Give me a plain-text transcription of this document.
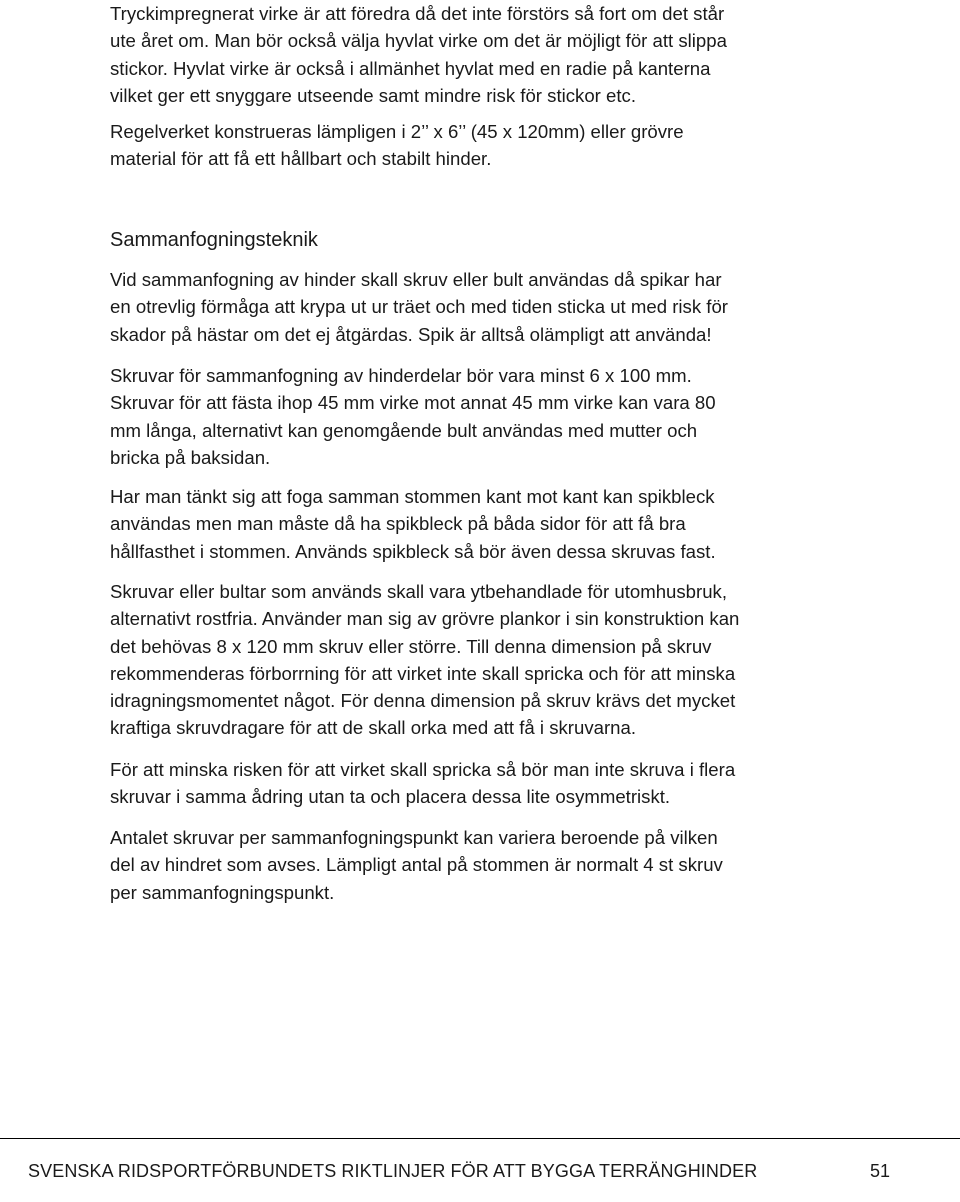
Tryckimpregnerat virke är att föredra då det inte förstörs så fort om det står
ute året om. Man bör också välja hyvlat virke om det är möjligt för att slippa
stickor. Hyvlat virke är också i allmänhet hyvlat med en radie på kanterna
vilket ger ett snyggare utseende samt mindre risk för stickor etc.

Regelverket konstrueras lämpligen i 2’’ x 6’’ (45 x 120mm) eller grövre
material för att få ett hållbart och stabilt hinder.

Sammanfogningsteknik

Vid sammanfogning av hinder skall skruv eller bult användas då spikar har
en otrevlig förmåga att krypa ut ur träet och med tiden sticka ut med risk för
skador på hästar om det ej åtgärdas. Spik är alltså olämpligt att använda!

Skruvar för sammanfogning av hinderdelar bör vara minst 6 x 100 mm.
Skruvar för att fästa ihop 45 mm virke mot annat 45 mm virke kan vara 80
mm långa, alternativt kan genomgående bult användas med mutter och
bricka på baksidan.

Har man tänkt sig att foga samman stommen kant mot kant kan spikbleck
användas men man måste då ha spikbleck på båda sidor för att få bra
hållfasthet i stommen. Används spikbleck så bör även dessa skruvas fast.

Skruvar eller bultar som används skall vara ytbehandlade för utomhusbruk,
alternativt rostfria. Använder man sig av grövre plankor i sin konstruktion kan
det behövas 8 x 120 mm skruv eller större. Till denna dimension på skruv
rekommenderas förborrning för att virket inte skall spricka och för att minska
idragningsmomentet något. För denna dimension på skruv krävs det mycket
kraftiga skruvdragare för att de skall orka med att få i skruvarna.

För att minska risken för att virket skall spricka så bör man inte skruva i flera
skruvar i samma ådring utan ta och placera dessa lite osymmetriskt.

Antalet skruvar per sammanfogningspunkt kan variera beroende på vilken
del av hindret som avses. Lämpligt antal på stommen är normalt 4 st skruv
per sammanfogningspunkt.

SVENSKA RIDSPORTFÖRBUNDETS RIKTLINJER FÖR ATT BYGGA TERRÄNGHINDER	51
